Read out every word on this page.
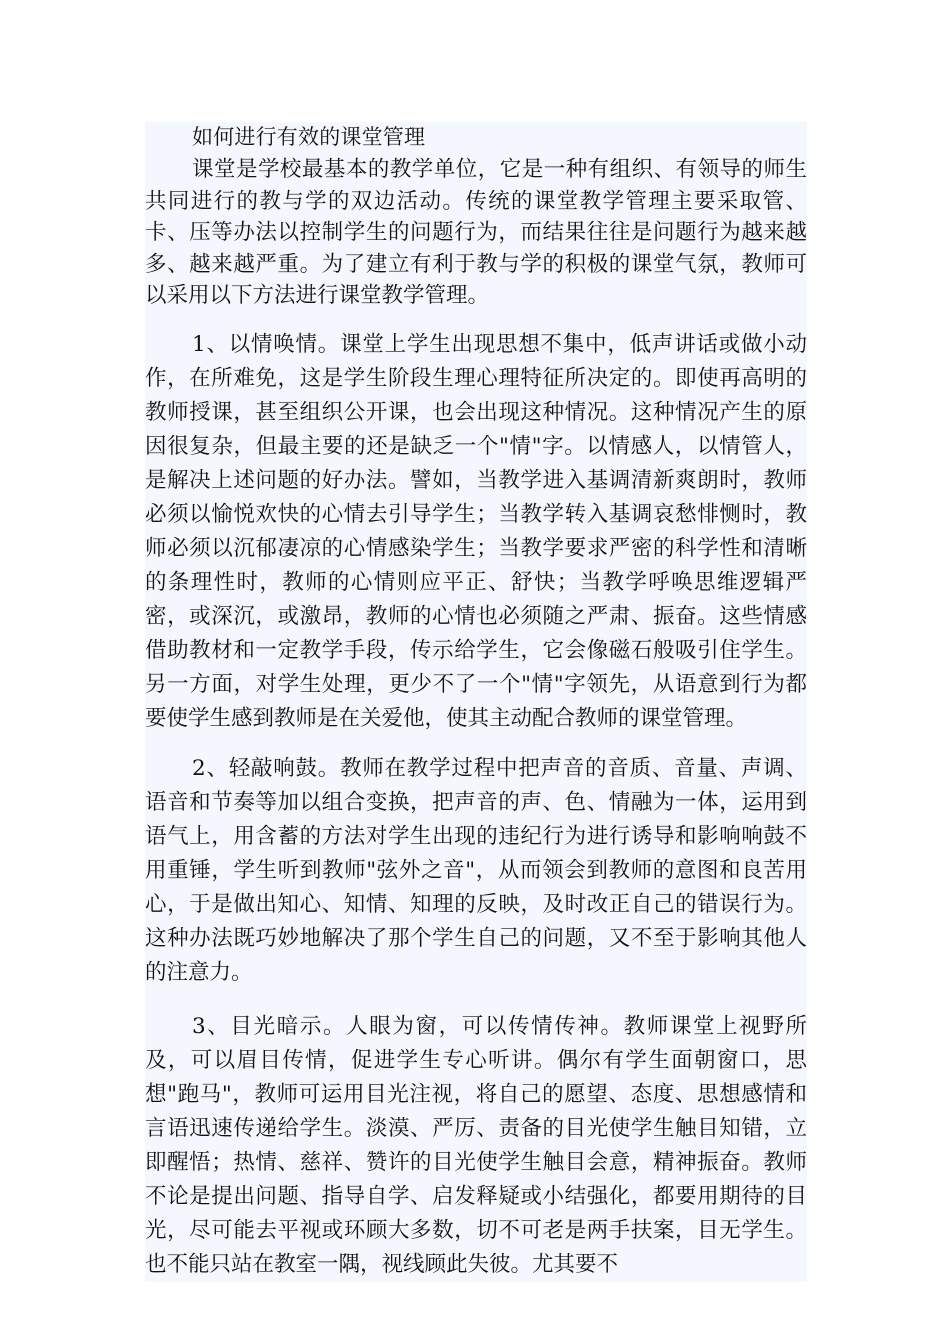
如何进行有效的课堂管理

课堂是学校最基本的教学单位，它是一种有组织、有领导的师生共同进行的教与学的双边活动。传统的课堂教学管理主要采取管、卡、压等办法以控制学生的问题行为，而结果往往是问题行为越来越多、越来越严重。为了建立有利于教与学的积极的课堂气氛，教师可以采用以下方法进行课堂教学管理。

1、以情唤情。课堂上学生出现思想不集中，低声讲话或做小动作，在所难免，这是学生阶段生理心理特征所决定的。即使再高明的教师授课，甚至组织公开课，也会出现这种情况。这种情况产生的原因很复杂，但最主要的还是缺乏一个"情"字。以情感人，以情管人，是解决上述问题的好办法。譬如，当教学进入基调清新爽朗时，教师必须以愉悦欢快的心情去引导学生；当教学转入基调哀愁悱恻时，教师必须以沉郁凄凉的心情感染学生；当教学要求严密的科学性和清晰的条理性时，教师的心情则应平正、舒快；当教学呼唤思维逻辑严密，或深沉，或激昂，教师的心情也必须随之严肃、振奋。这些情感借助教材和一定教学手段，传示给学生，它会像磁石般吸引住学生。另一方面，对学生处理，更少不了一个"情"字领先，从语意到行为都要使学生感到教师是在关爱他，使其主动配合教师的课堂管理。

2、轻敲响鼓。教师在教学过程中把声音的音质、音量、声调、语音和节奏等加以组合变换，把声音的声、色、情融为一体，运用到语气上，用含蓄的方法对学生出现的违纪行为进行诱导和影响响鼓不用重锤，学生听到教师"弦外之音"，从而领会到教师的意图和良苦用心，于是做出知心、知情、知理的反映，及时改正自己的错误行为。这种办法既巧妙地解决了那个学生自己的问题，又不至于影响其他人的注意力。

3、目光暗示。人眼为窗，可以传情传神。教师课堂上视野所及，可以眉目传情，促进学生专心听讲。偶尔有学生面朝窗口，思想"跑马"，教师可运用目光注视，将自己的愿望、态度、思想感情和言语迅速传递给学生。淡漠、严厉、责备的目光使学生触目知错，立即醒悟；热情、慈祥、赞许的目光使学生触目会意，精神振奋。教师不论是提出问题、指导自学、启发释疑或小结强化，都要用期待的目光，尽可能去平视或环顾大多数，切不可老是两手扶案，目无学生。也不能只站在教室一隅，视线顾此失彼。尤其要不
